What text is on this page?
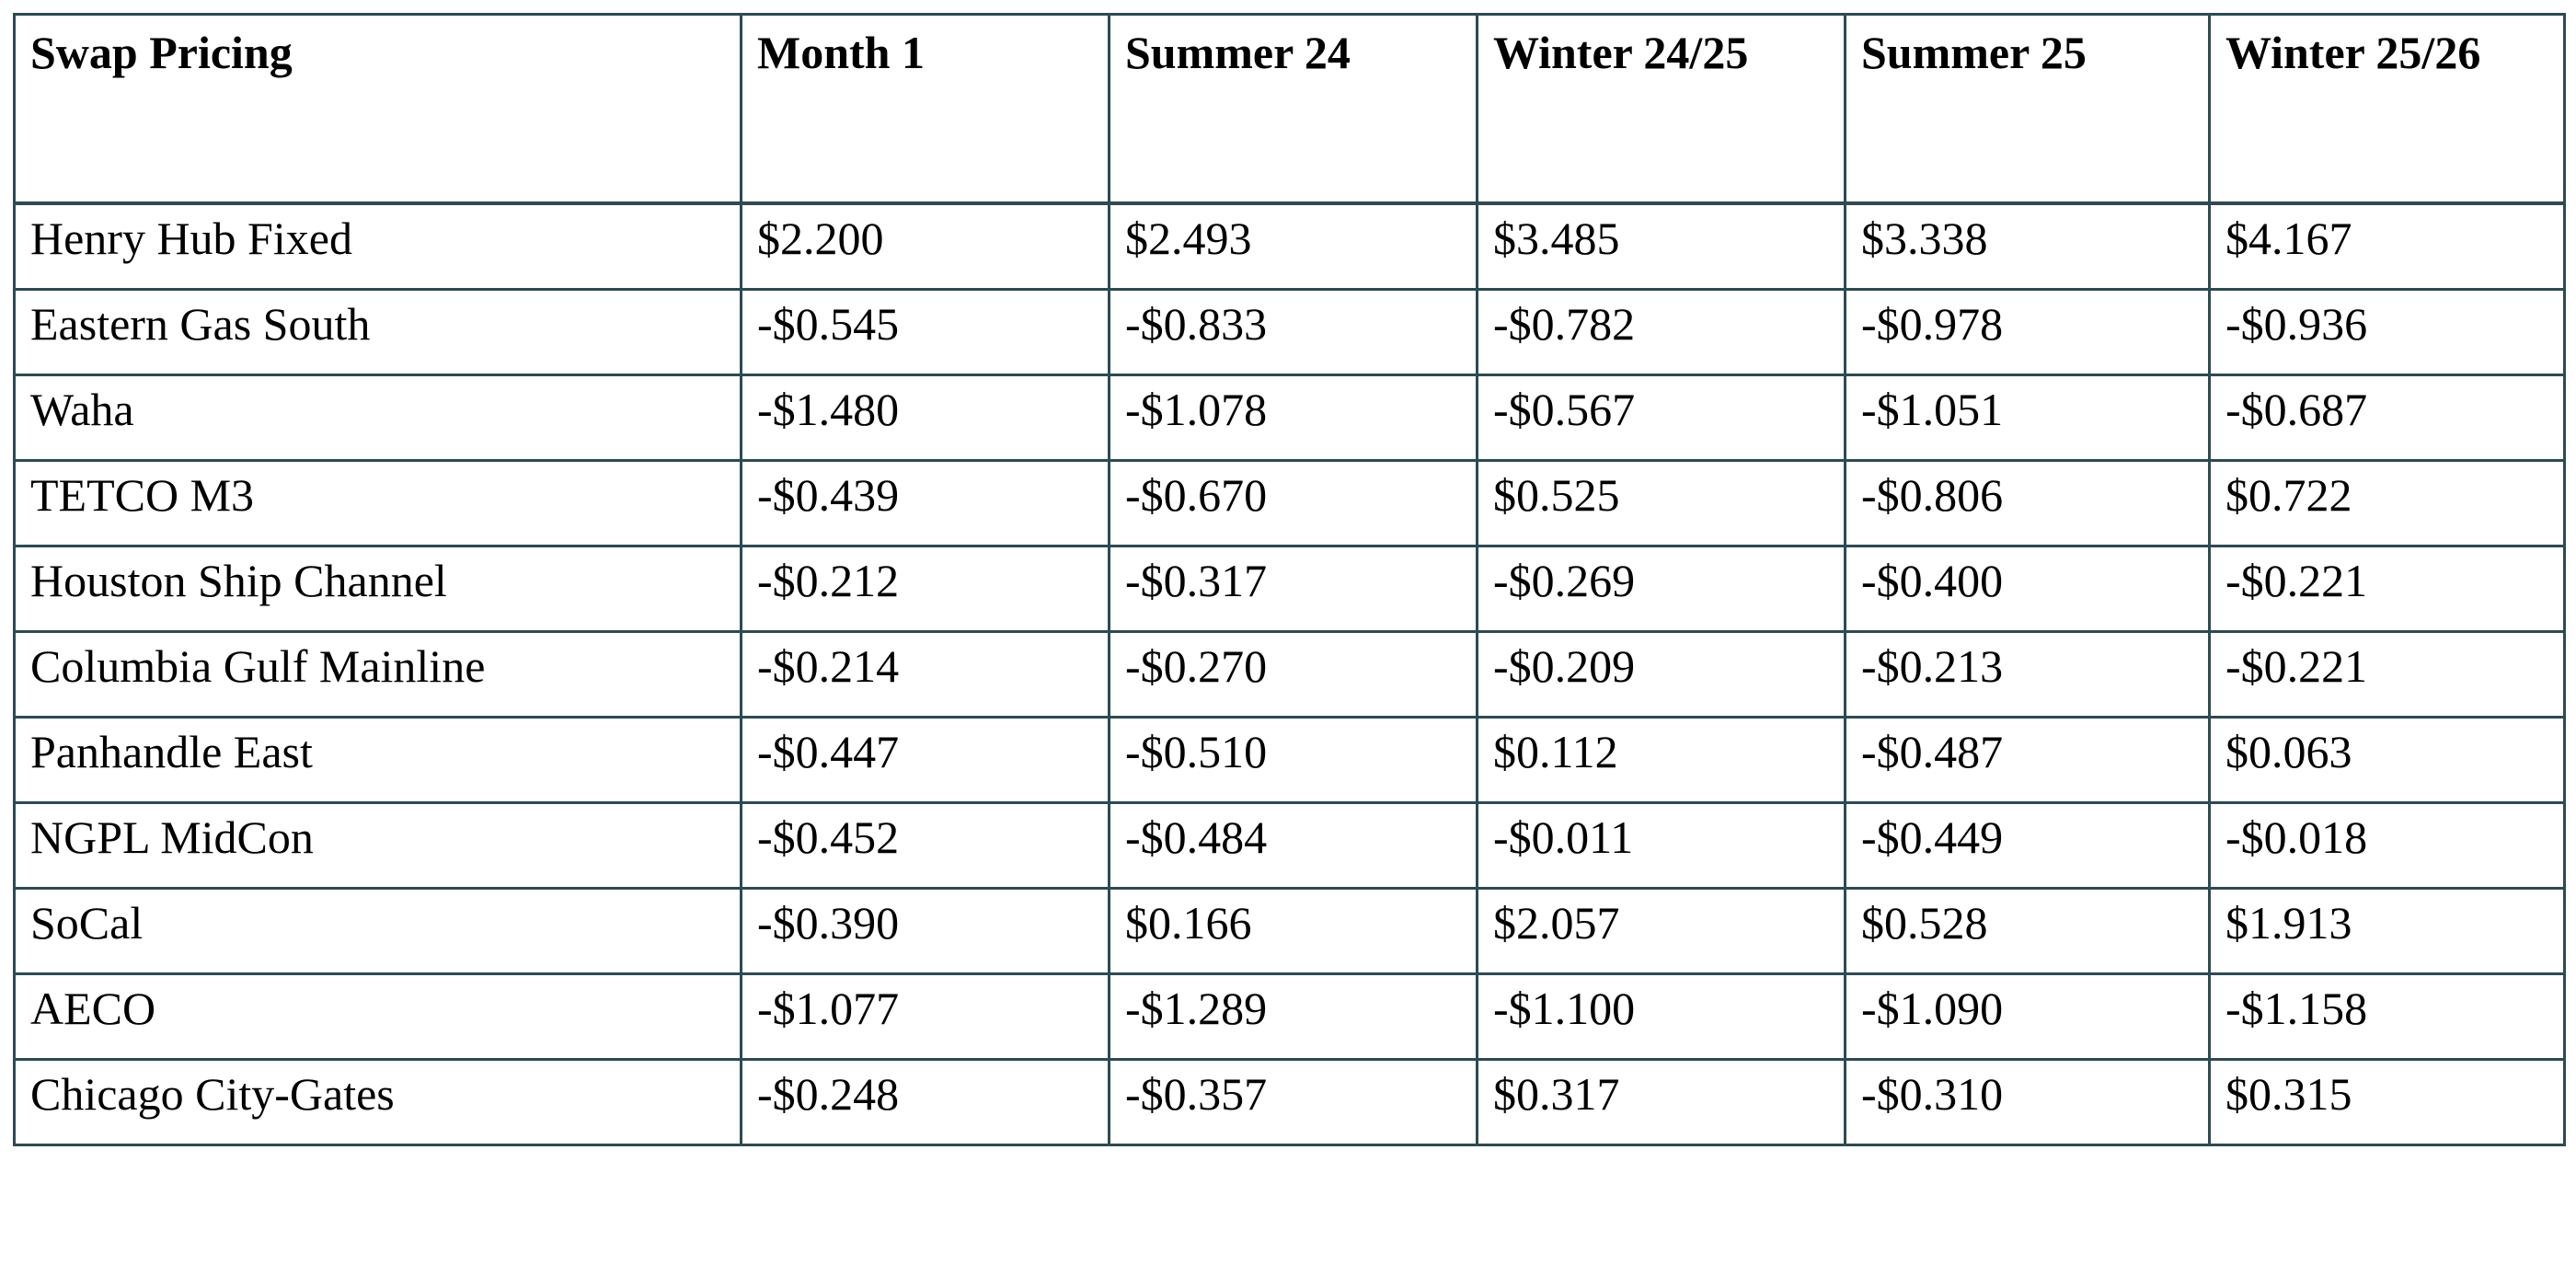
Swap Pricing	Month 1	Summer 24	Winter 24/25	Summer 25	Winter 25/26
Henry Hub Fixed	$2.200	$2.493	$3.485	$3.338	$4.167
Eastern Gas South	-$0.545	-$0.833	-$0.782	-$0.978	-$0.936
Waha	-$1.480	-$1.078	-$0.567	-$1.051	-$0.687
TETCO M3	-$0.439	-$0.670	$0.525	-$0.806	$0.722
Houston Ship Channel	-$0.212	-$0.317	-$0.269	-$0.400	-$0.221
Columbia Gulf Mainline	-$0.214	-$0.270	-$0.209	-$0.213	-$0.221
Panhandle East	-$0.447	-$0.510	$0.112	-$0.487	$0.063
NGPL MidCon	-$0.452	-$0.484	-$0.011	-$0.449	-$0.018
SoCal	-$0.390	$0.166	$2.057	$0.528	$1.913
AECO	-$1.077	-$1.289	-$1.100	-$1.090	-$1.158
Chicago City-Gates	-$0.248	-$0.357	$0.317	-$0.310	$0.315
